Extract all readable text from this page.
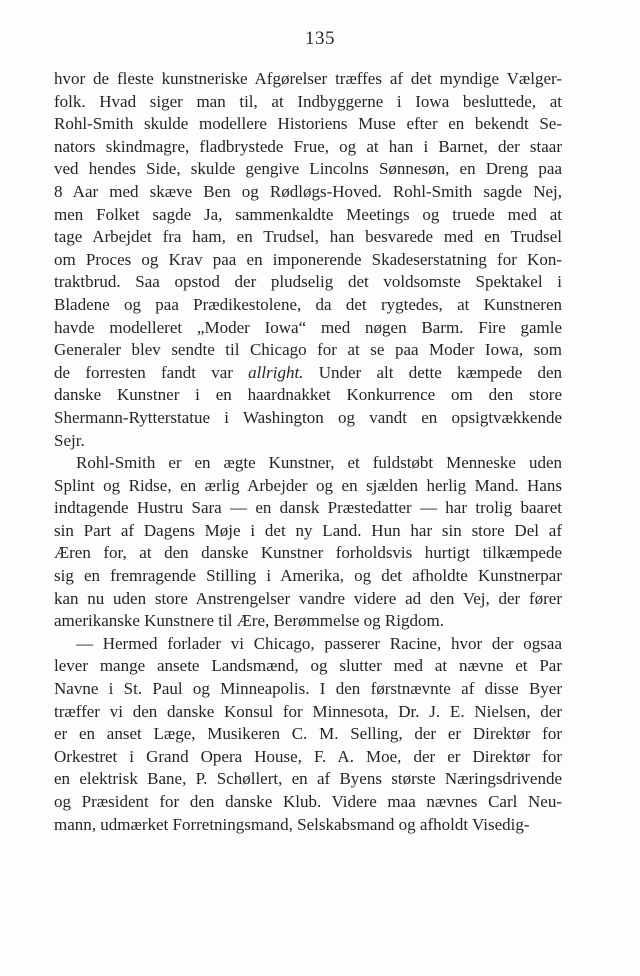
135
hvor de fleste kunstneriske Afgørelser træffes af det myndige Vælger-
folk. Hvad siger man til, at Indbyggerne i Iowa besluttede, at
Rohl-Smith skulde modellere Historiens Muse efter en bekendt Se-
nators skindmagre, fladbrystede Frue, og at han i Barnet, der staar
ved hendes Side, skulde gengive Lincolns Sønnesøn, en Dreng paa
8 Aar med skæve Ben og Rødløgs-Hoved. Rohl-Smith sagde Nej,
men Folket sagde Ja, sammenkaldte Meetings og truede med at
tage Arbejdet fra ham, en Trudsel, han besvarede med en Trudsel
om Proces og Krav paa en imponerende Skadeserstatning for Kon-
traktbrud. Saa opstod der pludselig det voldsomste Spektakel i
Bladene og paa Prædikestolene, da det rygtedes, at Kunstneren
havde modelleret „Moder Iowa“ med nøgen Barm. Fire gamle
Generaler blev sendte til Chicago for at se paa Moder Iowa, som
de forresten fandt var allright. Under alt dette kæmpede den
danske Kunstner i en haardnakket Konkurrence om den store
Shermann-Rytterstatue i Washington og vandt en opsigtvækkende
Sejr.
Rohl-Smith er en ægte Kunstner, et fuldstøbt Menneske uden
Splint og Ridse, en ærlig Arbejder og en sjælden herlig Mand. Hans
indtagende Hustru Sara — en dansk Præstedatter — har trolig baaret
sin Part af Dagens Møje i det ny Land. Hun har sin store Del af
Æren for, at den danske Kunstner forholdsvis hurtigt tilkæmpede
sig en fremragende Stilling i Amerika, og det afholdte Kunstnerpar
kan nu uden store Anstrengelser vandre videre ad den Vej, der fører
amerikanske Kunstnere til Ære, Berømmelse og Rigdom.
— Hermed forlader vi Chicago, passerer Racine, hvor der ogsaa
lever mange ansete Landsmænd, og slutter med at nævne et Par
Navne i St. Paul og Minneapolis. I den førstnævnte af disse Byer
træffer vi den danske Konsul for Minnesota, Dr. J. E. Nielsen, der
er en anset Læge, Musikeren C. M. Selling, der er Direktør for
Orkestret i Grand Opera House, F. A. Moe, der er Direktør for
en elektrisk Bane, P. Schøllert, en af Byens største Næringsdrivende
og Præsident for den danske Klub. Videre maa nævnes Carl Neu-
mann, udmærket Forretningsmand, Selskabsmand og afholdt Visedig-
